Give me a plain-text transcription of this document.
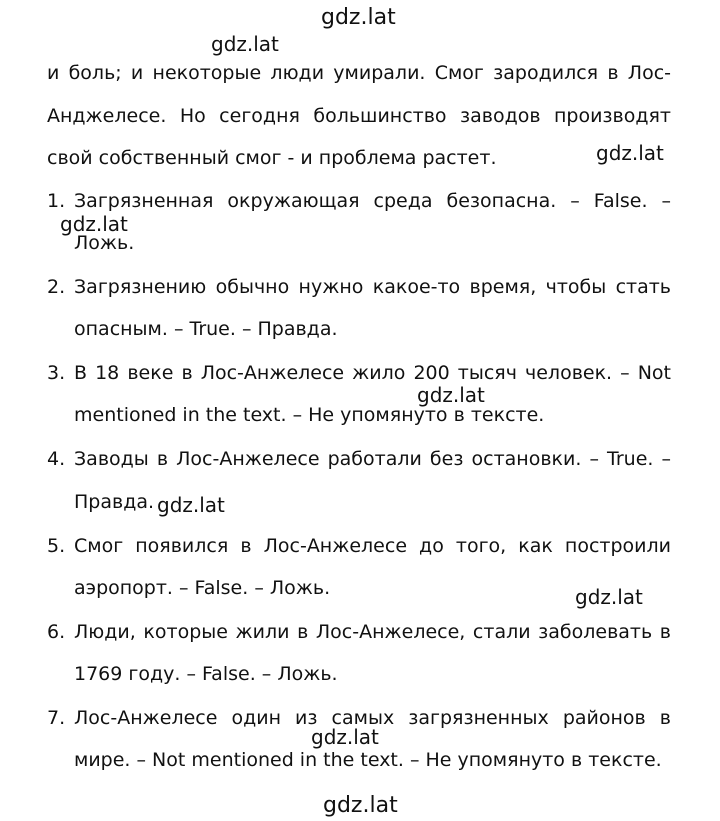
и боль; и некоторые люди умирали. Смог зародился в Лос-
Анджелесе. Но сегодня большинство заводов производят
свой собственный смог - и проблема растет.
1. Загрязненная окружающая среда безопасна. – False. –
Ложь.
2. Загрязнению обычно нужно какое-то время, чтобы стать
опасным. – True. – Правда.
3. В 18 веке в Лос-Анжелесе жило 200 тысяч человек. – Not
mentioned in the text. – Не упомянуто в тексте.
4. Заводы в Лос-Анжелесе работали без остановки. – True. –
Правда.
5. Смог появился в Лос-Анжелесе до того, как построили
аэропорт. – False. – Ложь.
6. Люди, которые жили в Лос-Анжелесе, стали заболевать в
1769 году. – False. – Ложь.
7. Лос-Анжелесе один из самых загрязненных районов в
мире. – Not mentioned in the text. – Не упомянуто в тексте.
gdz.lat
gdz.lat
gdz.lat
gdz.lat
gdz.lat
gdz.lat
gdz.lat
gdz.lat
gdz.lat
